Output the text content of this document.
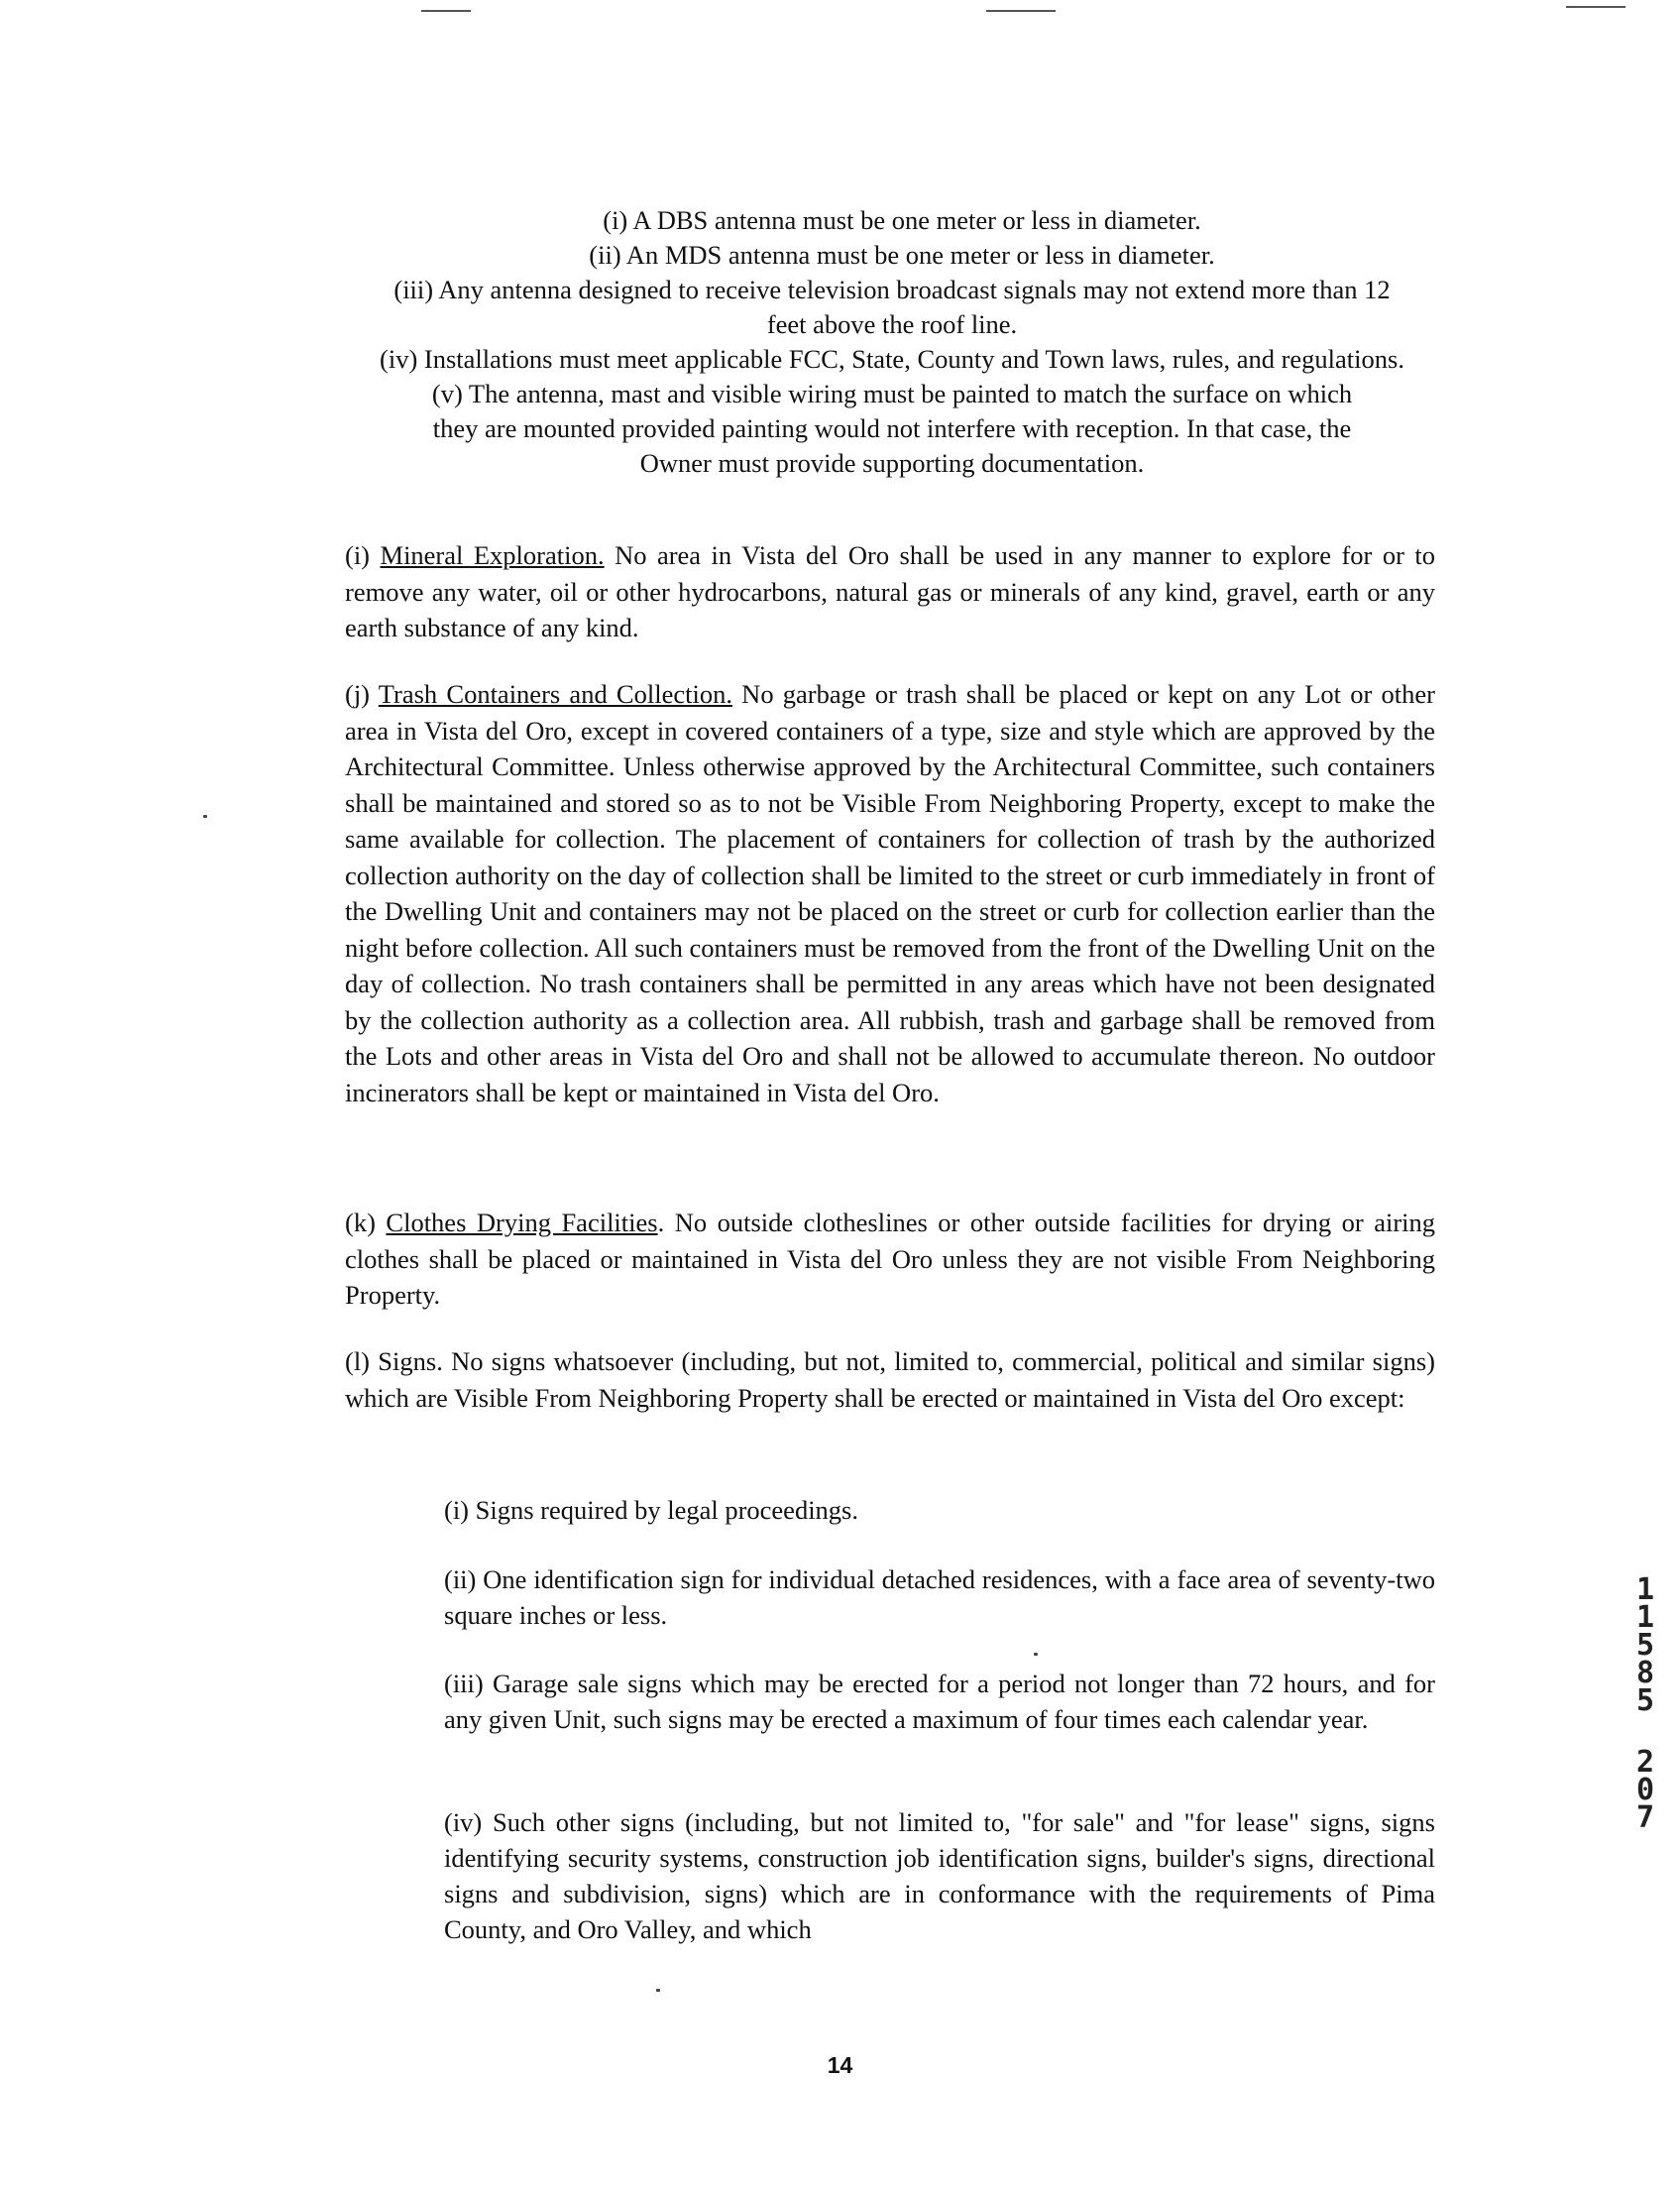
(i) A DBS antenna must be one meter or less in diameter.

(ii) An MDS antenna must be one meter or less in diameter.

(iii) Any antenna designed to receive television broadcast signals may not extend more than 12 feet above the roof line.

(iv) Installations must meet applicable FCC, State, County and Town laws, rules, and regulations.

(v) The antenna, mast and visible wiring must be painted to match the surface on which they are mounted provided painting would not interfere with reception. In that case, the Owner must provide supporting documentation.

(i) Mineral Exploration. No area in Vista del Oro shall be used in any manner to explore for or to remove any water, oil or other hydrocarbons, natural gas or minerals of any kind, gravel, earth or any earth substance of any kind.
(j) Trash Containers and Collection. No garbage or trash shall be placed or kept on any Lot or other area in Vista del Oro, except in covered containers of a type, size and style which are approved by the Architectural Committee. Unless otherwise approved by the Architectural Committee, such containers shall be maintained and stored so as to not be Visible From Neighboring Property, except to make the same available for collection. The placement of containers for collection of trash by the authorized collection authority on the day of collection shall be limited to the street or curb immediately in front of the Dwelling Unit and containers may not be placed on the street or curb for collection earlier than the night before collection. All such containers must be removed from the front of the Dwelling Unit on the day of collection. No trash containers shall be permitted in any areas which have not been designated by the collection authority as a collection area. All rubbish, trash and garbage shall be removed from the Lots and other areas in Vista del Oro and shall not be allowed to accumulate thereon. No outdoor incinerators shall be kept or maintained in Vista del Oro.
(k) Clothes Drying Facilities. No outside clotheslines or other outside facilities for drying or airing clothes shall be placed or maintained in Vista del Oro unless they are not visible From Neighboring Property.
(l) Signs. No signs whatsoever (including, but not, limited to, commercial, political and similar signs) which are Visible From Neighboring Property shall be erected or maintained in Vista del Oro except:
(i) Signs required by legal proceedings.
(ii) One identification sign for individual detached residences, with a face area of seventy-two square inches or less.
(iii) Garage sale signs which may be erected for a period not longer than 72 hours, and for any given Unit, such signs may be erected a maximum of four times each calendar year.
(iv) Such other signs (including, but not limited to, "for sale" and "for lease" signs, signs identifying security systems, construction job identification signs, builder's signs, directional signs and subdivision, signs) which are in conformance with the requirements of Pima County, and Oro Valley, and which
14
1
1
5
8
5
2
0
7
